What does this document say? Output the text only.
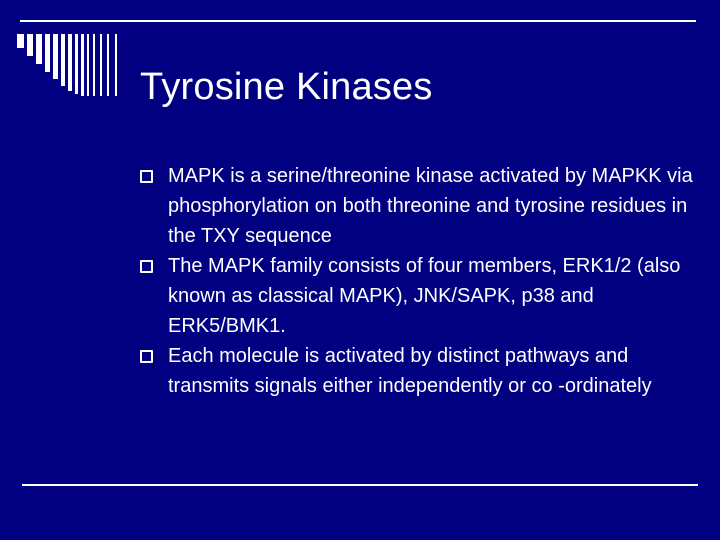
Tyrosine Kinases
MAPK is a serine/threonine kinase activated by MAPKK via phosphorylation on both threonine and tyrosine residues in the TXY sequence
The MAPK family consists of four members, ERK1/2 (also known as classical MAPK), JNK/SAPK, p38 and ERK5/BMK1.
Each molecule is activated by distinct pathways and transmits signals either independently or co -ordinately
